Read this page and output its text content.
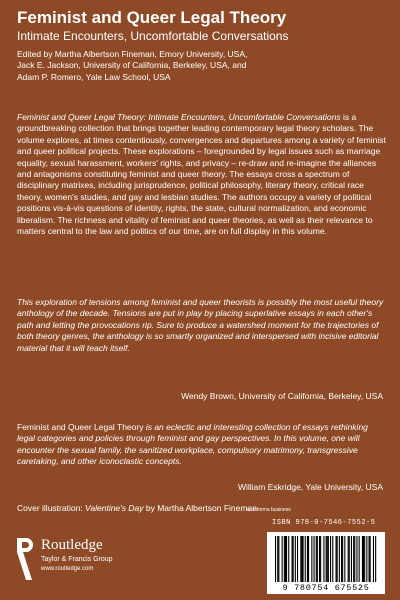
Feminist and Queer Legal Theory
Intimate Encounters, Uncomfortable Conversations
Edited by Martha Albertson Fineman, Emory University, USA,
Jack E. Jackson, University of California, Berkeley, USA, and
Adam P. Romero, Yale Law School, USA

Feminist and Queer Legal Theory: Intimate Encounters, Uncomfortable Conversations is a groundbreaking collection that brings together leading contemporary legal theory scholars. The volume explores, at times contentiously, convergences and departures among a variety of feminist and queer political projects. These explorations – foregrounded by legal issues such as marriage equality, sexual harassment, workers' rights, and privacy – re-draw and re-imagine the alliances and antagonisms constituting feminist and queer theory. The essays cross a spectrum of disciplinary matrixes, including jurisprudence, political philosophy, literary theory, critical race theory, women's studies, and gay and lesbian studies. The authors occupy a variety of political positions vis-à-vis questions of identity, rights, the state, cultural normalization, and economic liberalism. The richness and vitality of feminist and queer theories, as well as their relevance to matters central to the law and politics of our time, are on full display in this volume.

This exploration of tensions among feminist and queer theorists is possibly the most useful theory anthology of the decade. Tensions are put in play by placing superlative essays in each other's path and letting the provocations rip. Sure to produce a watershed moment for the trajectories of both theory genres, the anthology is so smartly organized and interspersed with incisive editorial material that it will teach itself.

Wendy Brown, University of California, Berkeley, USA

Feminist and Queer Legal Theory is an eclectic and interesting collection of essays rethinking legal categories and policies through feminist and gay perspectives. In this volume, one will encounter the sexual family, the sanitized workplace, compulsory matrimony, transgressive caretaking, and other iconoclastic concepts.

William Eskridge, Yale University, USA
Cover illustration: Valentine's Day by Martha Albertson Fineman
an informa business
ISBN 978-0-7546-7552-5
9 780754 675525
Routledge
Taylor & Francis Group
www.routledge.com
